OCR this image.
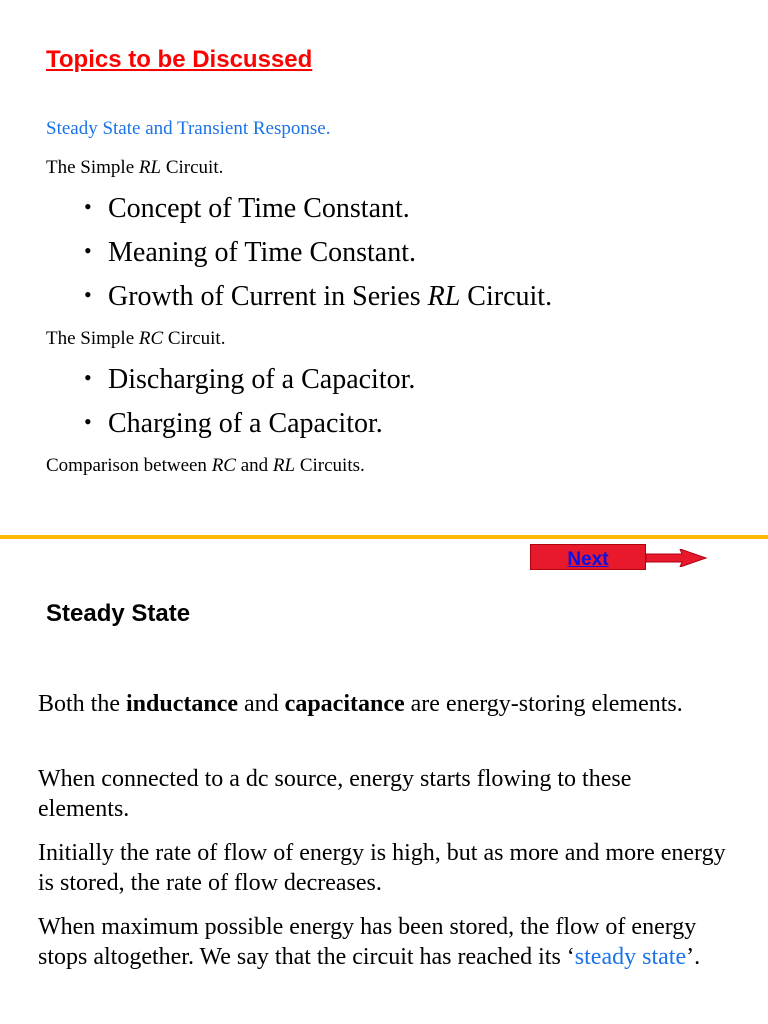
Topics to be Discussed
Steady State and Transient Response.
The Simple RL Circuit.
• Concept of Time Constant.
• Meaning of Time Constant.
• Growth of Current in Series RL Circuit.
The Simple RC Circuit.
• Discharging of a Capacitor.
• Charging of a Capacitor.
Comparison between RC and RL Circuits.
Next
Steady State
Both the inductance and capacitance are energy-storing elements.
When connected to a dc source, energy starts flowing to these elements.
Initially the rate of flow of energy is high, but as more and more energy is stored, the rate of flow decreases.
When maximum possible energy has been stored, the flow of energy stops altogether. We say that the circuit has reached its ‘steady state’.
